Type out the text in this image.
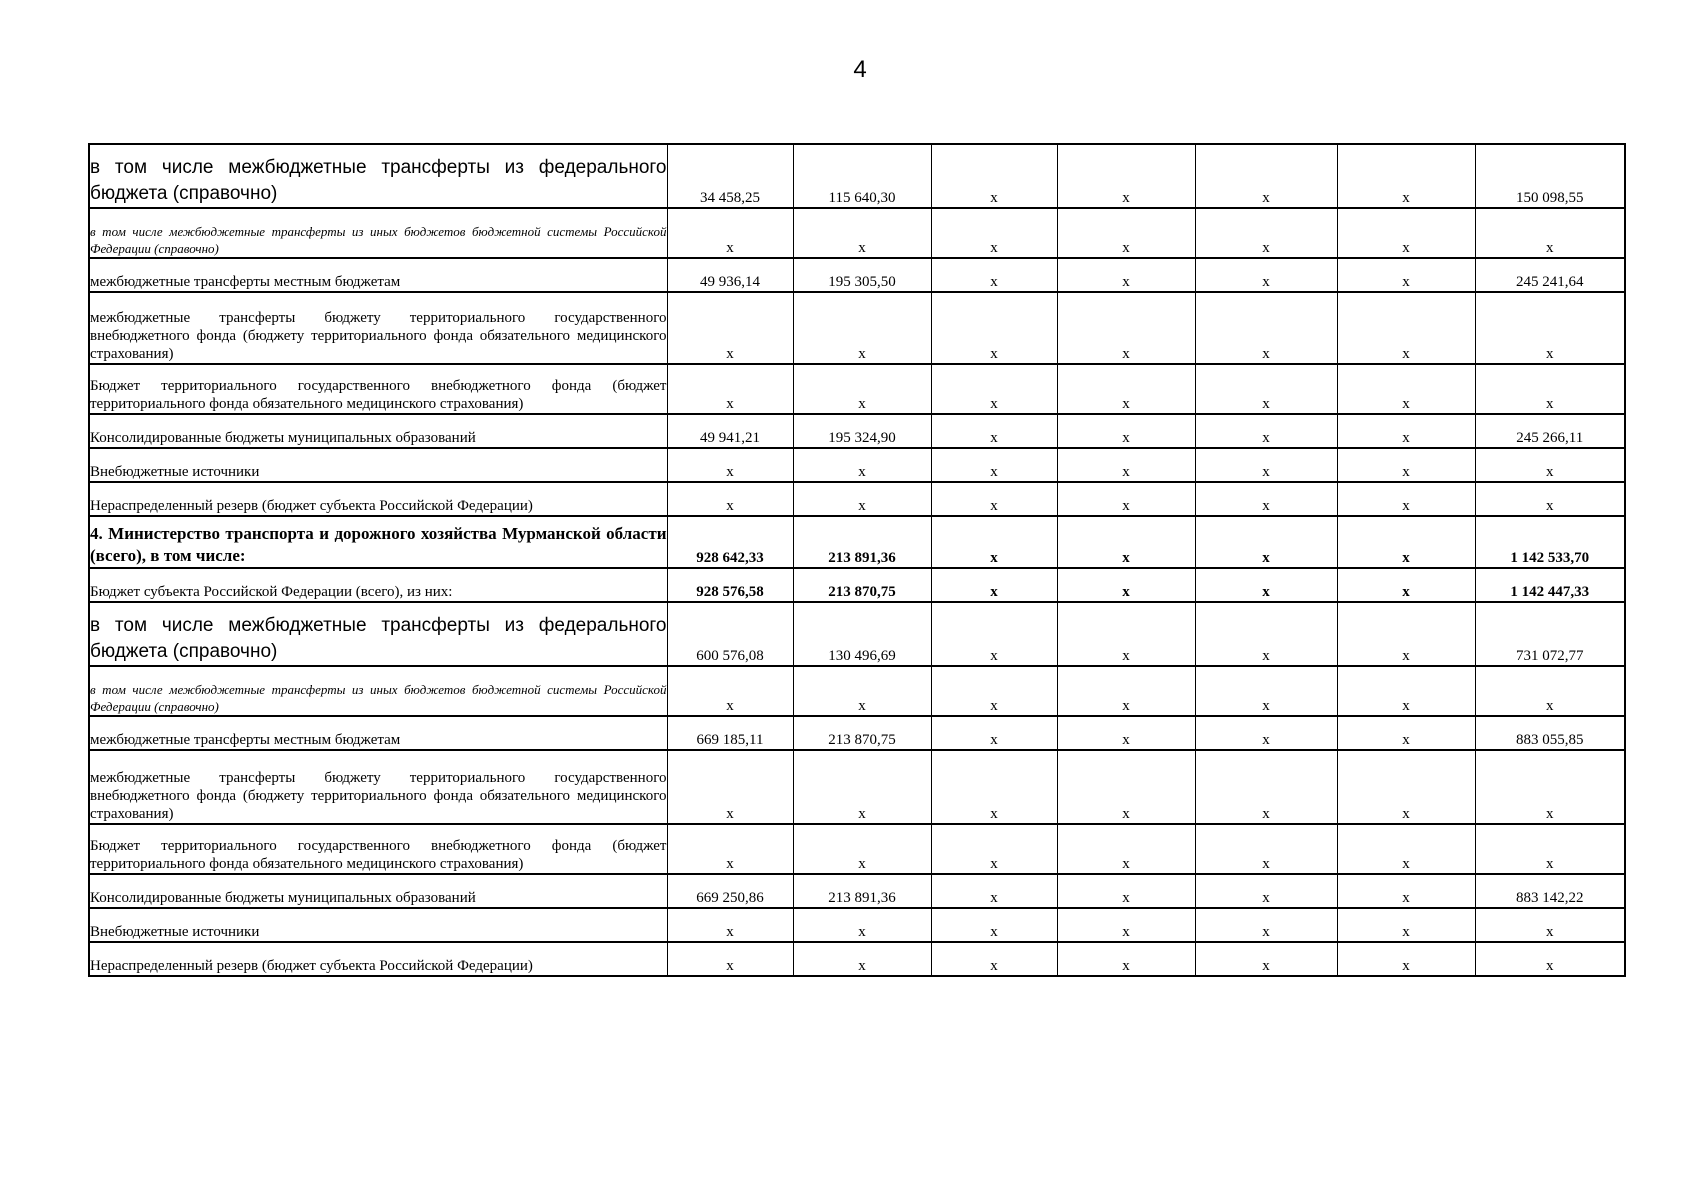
4
в том числе межбюджетные трансферты из федерального бюджета (справочно)	34 458,25	115 640,30	x	x	x	x	150 098,55
в том числе межбюджетные трансферты из иных бюджетов бюджетной системы Российской Федерации (справочно)	x	x	x	x	x	x	x
межбюджетные трансферты местным бюджетам	49 936,14	195 305,50	x	x	x	x	245 241,64
межбюджетные трансферты бюджету территориального государственного внебюджетного фонда (бюджету территориального фонда обязательного медицинского страхования)	x	x	x	x	x	x	x
Бюджет территориального государственного внебюджетного фонда (бюджет территориального фонда обязательного медицинского страхования)	x	x	x	x	x	x	x
Консолидированные бюджеты муниципальных образований	49 941,21	195 324,90	x	x	x	x	245 266,11
Внебюджетные источники	x	x	x	x	x	x	x
Нераспределенный резерв (бюджет субъекта Российской Федерации)	x	x	x	x	x	x	x
4. Министерство транспорта и дорожного хозяйства Мурманской области (всего), в том числе:	928 642,33	213 891,36	x	x	x	x	1 142 533,70
Бюджет субъекта Российской Федерации (всего), из них:	928 576,58	213 870,75	x	x	x	x	1 142 447,33
в том числе межбюджетные трансферты из федерального бюджета (справочно)	600 576,08	130 496,69	x	x	x	x	731 072,77
в том числе межбюджетные трансферты из иных бюджетов бюджетной системы Российской Федерации (справочно)	x	x	x	x	x	x	x
межбюджетные трансферты местным бюджетам	669 185,11	213 870,75	x	x	x	x	883 055,85
межбюджетные трансферты бюджету территориального государственного внебюджетного фонда (бюджету территориального фонда обязательного медицинского страхования)	x	x	x	x	x	x	x
Бюджет территориального государственного внебюджетного фонда (бюджет территориального фонда обязательного медицинского страхования)	x	x	x	x	x	x	x
Консолидированные бюджеты муниципальных образований	669 250,86	213 891,36	x	x	x	x	883 142,22
Внебюджетные источники	x	x	x	x	x	x	x
Нераспределенный резерв (бюджет субъекта Российской Федерации)	x	x	x	x	x	x	x
